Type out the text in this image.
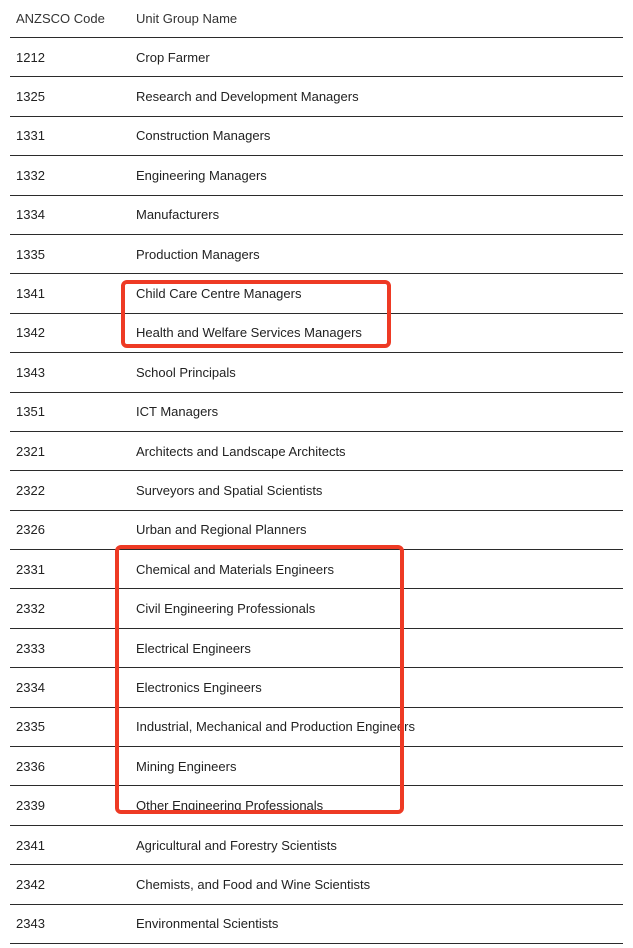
ANZSCO Code	Unit Group Name
1212	Crop Farmer
1325	Research and Development Managers
1331	Construction Managers
1332	Engineering Managers
1334	Manufacturers
1335	Production Managers
1341	Child Care Centre Managers
1342	Health and Welfare Services Managers
1343	School Principals
1351	ICT Managers
2321	Architects and Landscape Architects
2322	Surveyors and Spatial Scientists
2326	Urban and Regional Planners
2331	Chemical and Materials Engineers
2332	Civil Engineering Professionals
2333	Electrical Engineers
2334	Electronics Engineers
2335	Industrial, Mechanical and Production Engineers
2336	Mining Engineers
2339	Other Engineering Professionals
2341	Agricultural and Forestry Scientists
2342	Chemists, and Food and Wine Scientists
2343	Environmental Scientists
